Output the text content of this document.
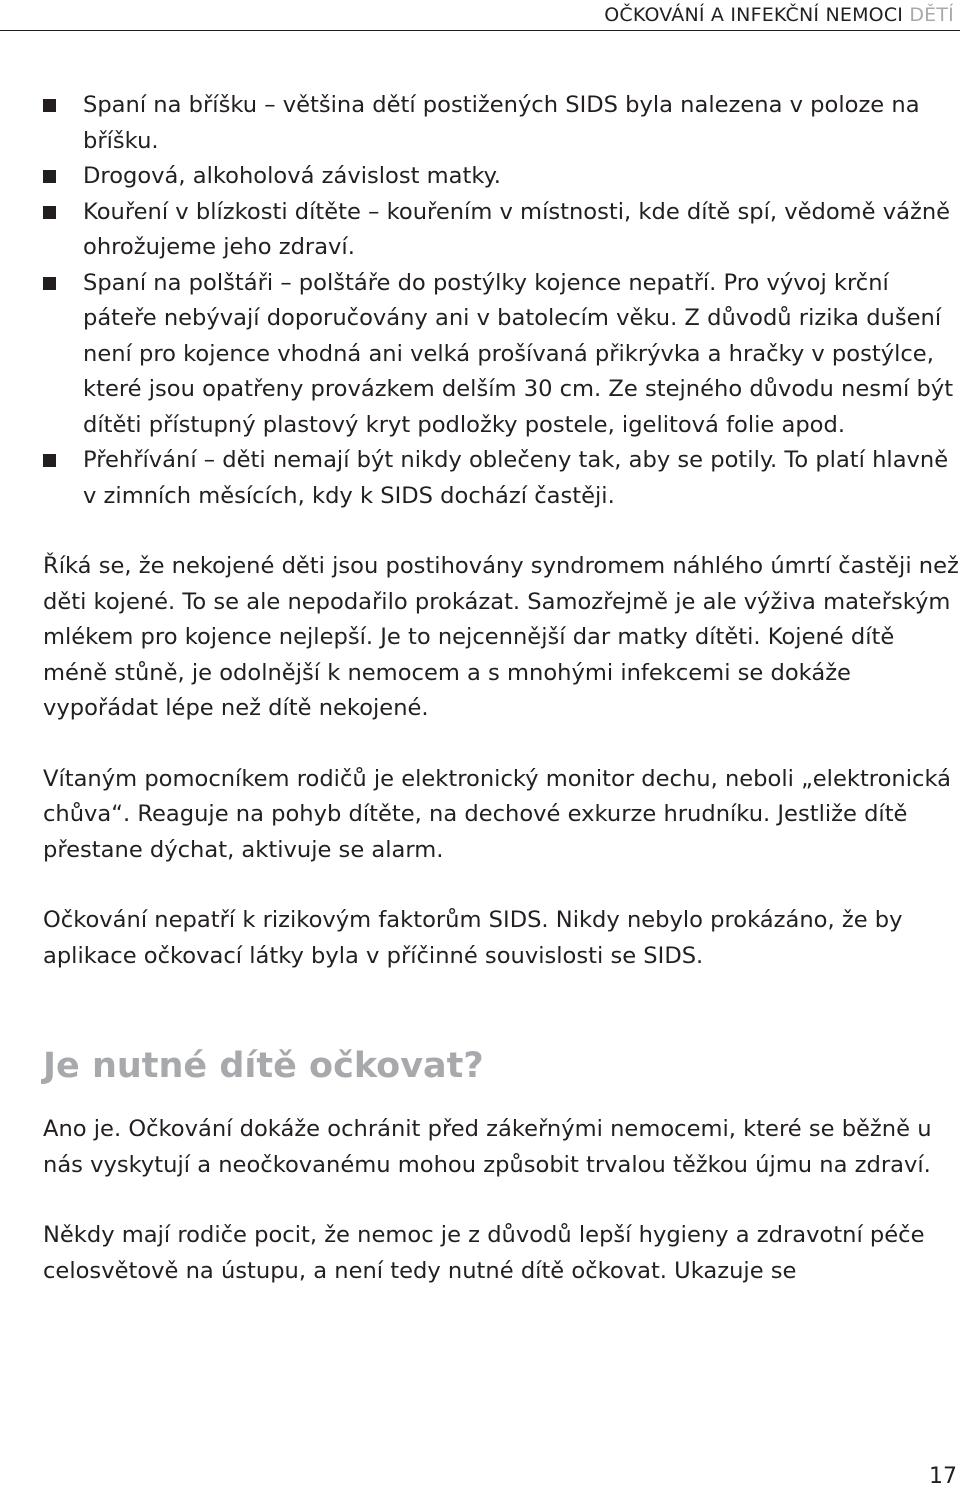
OČKOVÁNÍ A INFEKČNÍ NEMOCI DĚTÍ
Spaní na bříšku – většina dětí postižených SIDS byla nalezena v poloze na bříšku.
Drogová, alkoholová závislost matky.
Kouření v blízkosti dítěte – kouřením v místnosti, kde dítě spí, vědomě vážně ohrožujeme jeho zdraví.
Spaní na polštáři – polštáře do postýlky kojence nepatří. Pro vývoj krční páteře nebývají doporučovány ani v batolecím věku. Z důvodů rizika dušení není pro kojence vhodná ani velká prošívaná přikrývka a hračky v postýlce, které jsou opatřeny provázkem delším 30 cm. Ze stejného důvodu nesmí být dítěti přístupný plastový kryt podložky postele, igelitová folie apod.
Přehřívání – děti nemají být nikdy oblečeny tak, aby se potily. To platí hlavně v zimních měsících, kdy k SIDS dochází častěji.

Říká se, že nekojené děti jsou postihovány syndromem náhlého úmrtí častěji než děti kojené. To se ale nepodařilo prokázat. Samozřejmě je ale výživa mateřským mlékem pro kojence nejlepší. Je to nejcennější dar matky dítěti. Kojené dítě méně stůně, je odolnější k nemocem a s mnohými infekcemi se dokáže vypořádat lépe než dítě nekojené.

Vítaným pomocníkem rodičů je elektronický monitor dechu, neboli „elektronická chůva“. Reaguje na pohyb dítěte, na dechové exkurze hrudníku. Jestliže dítě přestane dýchat, aktivuje se alarm.

Očkování nepatří k rizikovým faktorům SIDS. Nikdy nebylo prokázáno, že by aplikace očkovací látky byla v příčinné souvislosti se SIDS.

Je nutné dítě očkovat?

Ano je. Očkování dokáže ochránit před zákeřnými nemocemi, které se běžně u nás vyskytují a neočkovanému mohou způsobit trvalou těžkou újmu na zdraví.

Někdy mají rodiče pocit, že nemoc je z důvodů lepší hygieny a zdravotní péče celosvětově na ústupu, a není tedy nutné dítě očkovat. Ukazuje se

17
